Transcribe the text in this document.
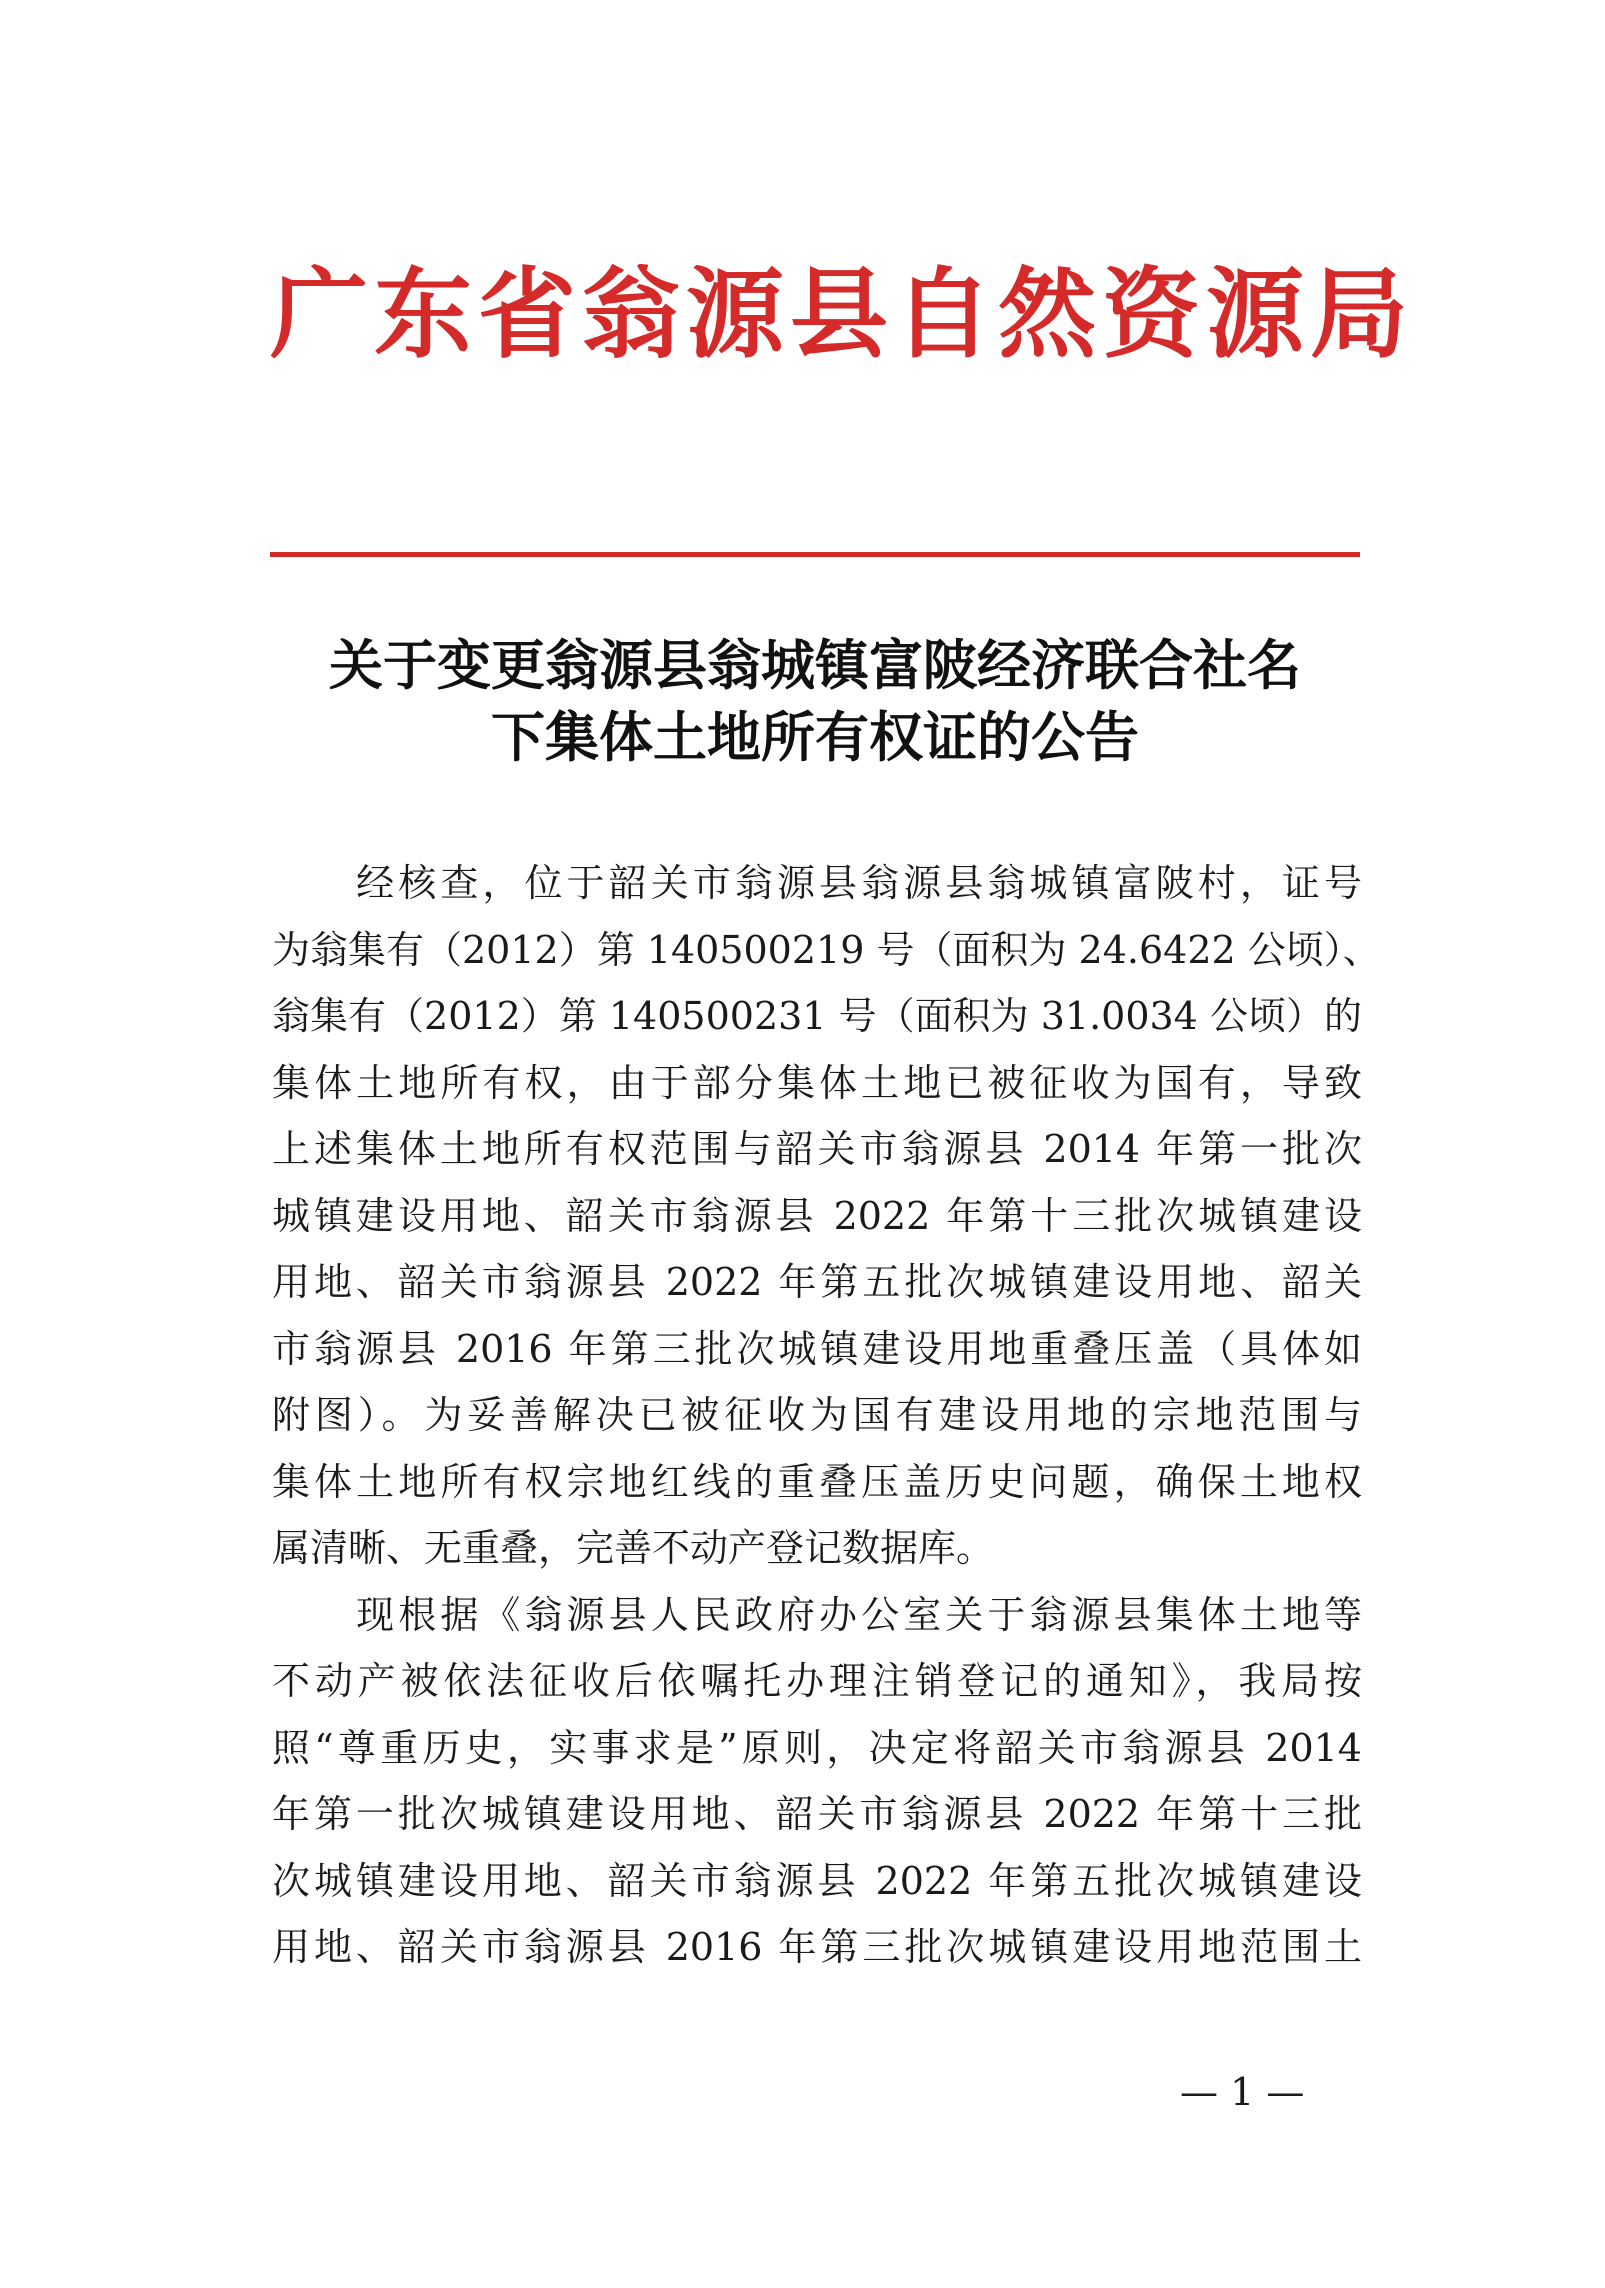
广东省翁源县自然资源局
关于变更翁源县翁城镇富陂经济联合社名
下集体土地所有权证的公告
　　经核查，位于韶关市翁源县翁源县翁城镇富陂村，证号
为翁集有（2012）第 140500219 号（面积为 24.6422 公顷）、
翁集有（2012）第 140500231 号（面积为 31.0034 公顷）的
集体土地所有权，由于部分集体土地已被征收为国有，导致
上述集体土地所有权范围与韶关市翁源县 2014 年第一批次
城镇建设用地、韶关市翁源县 2022 年第十三批次城镇建设
用地、韶关市翁源县 2022 年第五批次城镇建设用地、韶关
市翁源县 2016 年第三批次城镇建设用地重叠压盖（具体如
附图）。为妥善解决已被征收为国有建设用地的宗地范围与
集体土地所有权宗地红线的重叠压盖历史问题，确保土地权
属清晰、无重叠，完善不动产登记数据库。
　　现根据《翁源县人民政府办公室关于翁源县集体土地等
不动产被依法征收后依嘱托办理注销登记的通知》，我局按
照“尊重历史，实事求是”原则，决定将韶关市翁源县 2014
年第一批次城镇建设用地、韶关市翁源县 2022 年第十三批
次城镇建设用地、韶关市翁源县 2022 年第五批次城镇建设
用地、韶关市翁源县 2016 年第三批次城镇建设用地范围土
— 1 —
